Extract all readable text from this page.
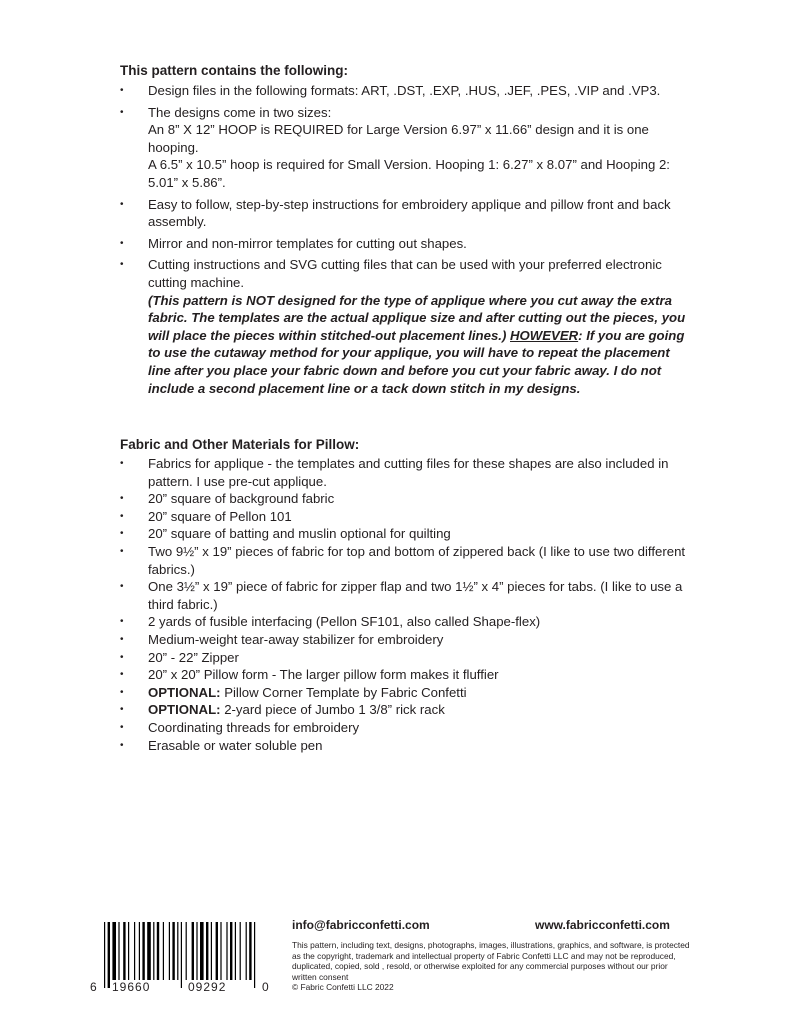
This pattern contains the following:
• Design files in the following formats: ART, .DST, .EXP, .HUS, .JEF, .PES, .VIP and .VP3.
• The designs come in two sizes:
An 8” X 12” HOOP is REQUIRED for Large Version 6.97” x 11.66” design and it is one hooping.
A 6.5” x 10.5” hoop is required for Small Version. Hooping 1: 6.27” x 8.07” and Hooping 2: 5.01” x 5.86”.
• Easy to follow, step-by-step instructions for embroidery applique and pillow front and back assembly.
• Mirror and non-mirror templates for cutting out shapes.
• Cutting instructions and SVG cutting files that can be used with your preferred electronic cutting machine.
(This pattern is NOT designed for the type of applique where you cut away the extra fabric. The templates are the actual applique size and after cutting out the pieces, you will place the pieces within stitched-out placement lines.) HOWEVER: If you are going to use the cutaway method for your applique, you will have to repeat the placement line after you place your fabric down and before you cut your fabric away. I do not include a second placement line or a tack down stitch in my designs.
Fabric and Other Materials for Pillow:
• Fabrics for applique - the templates and cutting files for these shapes are also included in pattern. I use pre-cut applique.
• 20” square of background fabric
• 20” square of Pellon 101
• 20” square of batting and muslin optional for quilting
• Two 9½” x 19” pieces of fabric for top and bottom of zippered back (I like to use two different fabrics.)
• One 3½” x 19” piece of fabric for zipper flap and two 1½” x 4” pieces for tabs. (I like to use a third fabric.)
• 2 yards of fusible interfacing (Pellon SF101, also called Shape-flex)
• Medium-weight tear-away stabilizer for embroidery
• 20” - 22” Zipper
• 20” x 20” Pillow form - The larger pillow form makes it fluffier
• OPTIONAL: Pillow Corner Template by Fabric Confetti
• OPTIONAL: 2-yard piece of Jumbo 1 3/8” rick rack
• Coordinating threads for embroidery
• Erasable or water soluble pen
6 19660	09292	0
info@fabricconfetti.com	www.fabricconfetti.com

This pattern, including text, designs, photographs, images, illustrations, graphics, and software, is protected as the copyright, trademark and intellectual property of Fabric Confetti LLC and may not be reproduced, duplicated, copied, sold , resold, or otherwise exploited for any commercial purposes without our prior written consent
© Fabric Confetti LLC 2022
